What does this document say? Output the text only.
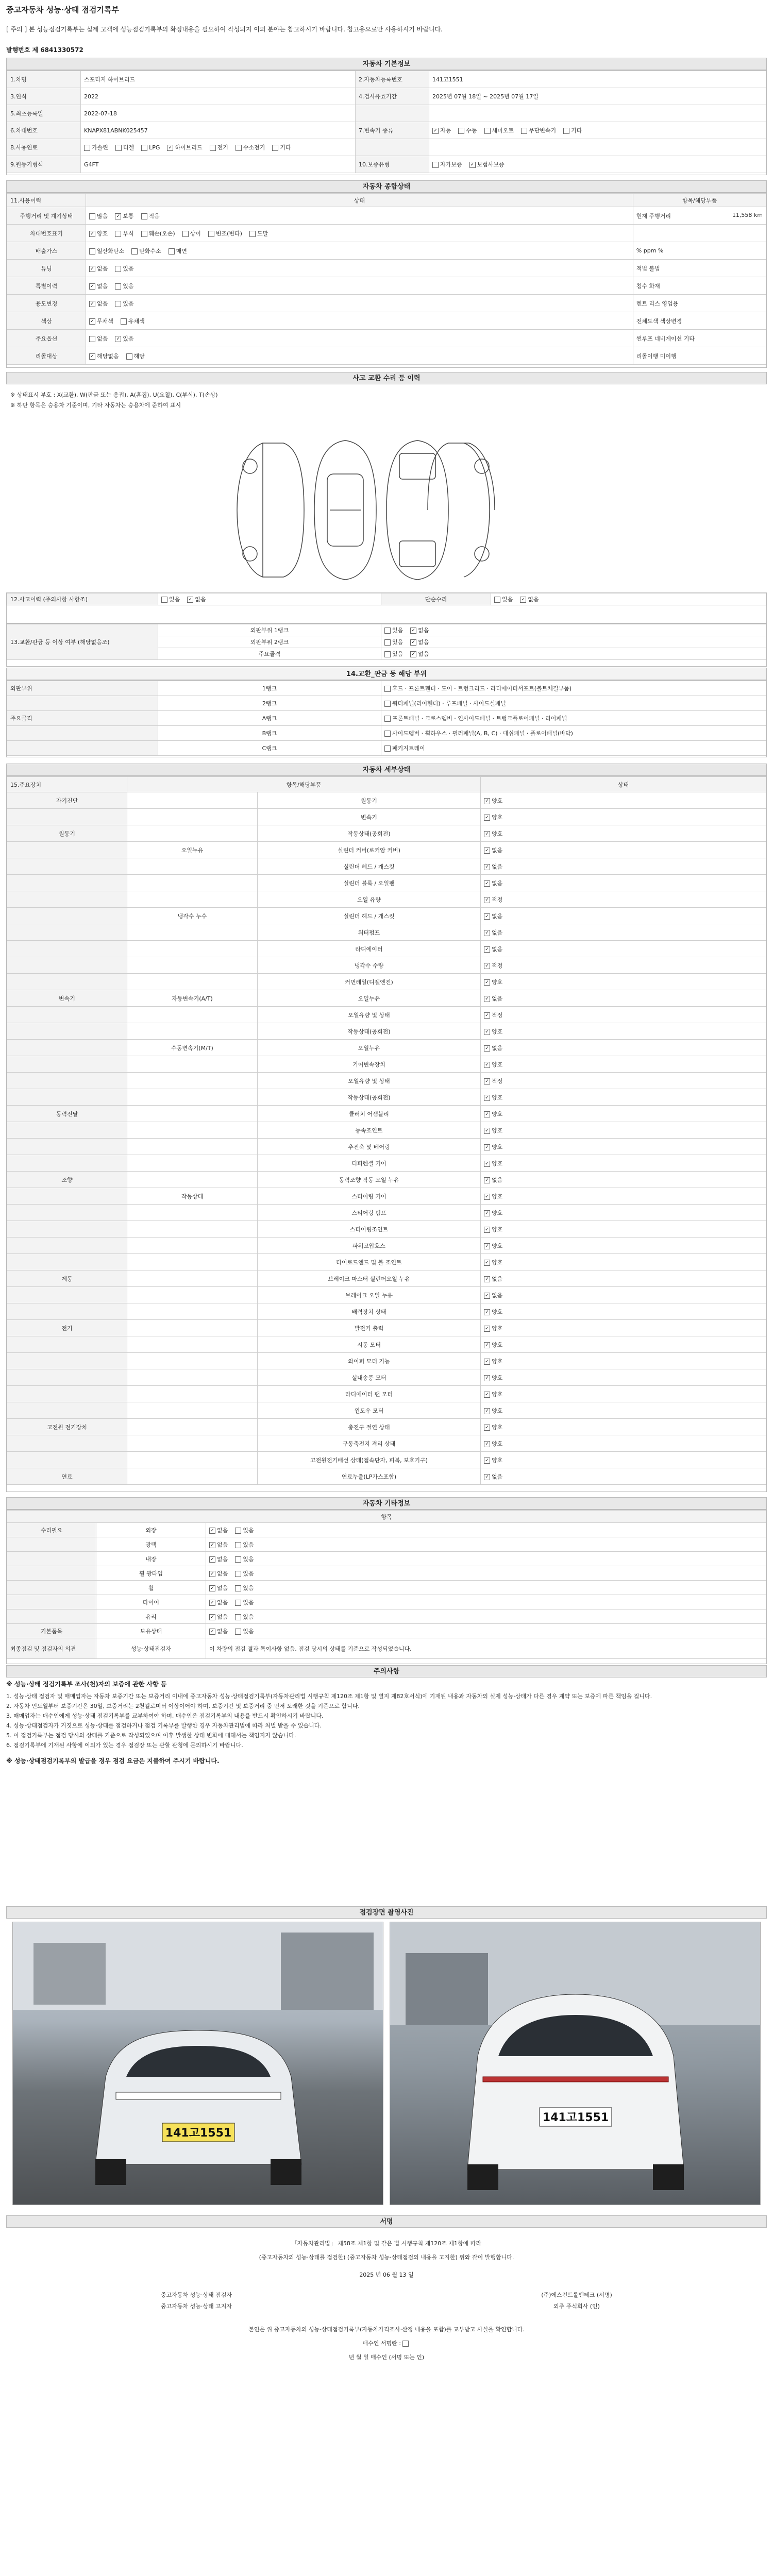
중고자동차 성능·상태 점검기록부
[ 주의 ] 본 성능점검기록부는 실제 고객에 성능점검기록부의 확정내용을 필요하여 작성되지 이외 분야는 참고하시기 바랍니다. 참고용으로만 사용하시기 바랍니다.
발행번호 제 6841330572
자동차 기본정보
1.차명	스포티지 하이브리드	2.자동차등록번호	141고1551
3.연식	2022	4.검사유효기간	2025년 07월 18일 ~ 2025년 07월 17일
5.최초등록일	2022-07-18		
6.차대번호	KNAPX81ABNK025457	7.변속기 종류	✓자동 수동 세미오토 무단변속기 기타
8.사용연료	가솔린 디젤 LPG ✓ 하이브리드 전기 수소전기 기타		
9.원동기형식	G4FT	10.보증유형	자가보증 ✓ 보험사보증
자동차 종합상태
11.사용이력	상태	항목/해당부품
주행거리 및 계기상태	많음 ✓ 보통 적음	현재 주행거리 11,558 km

차대번호표기	✓양호 부식 훼손(오손) 상이 변조(변타) 도말	

배출가스	일산화탄소 탄화수소 매연	% ppm %

튜닝	✓없음 있음	적법 불법

특별이력	✓없음 있음	침수 화재

용도변경	✓없음 있음	렌트 리스 영업용

색상	✓무채색 유채색	전체도색 색상변경

주요옵션	없음 ✓ 있음	썬루프 네비게이션 기타

리콜대상	✓해당없음 해당	리콜이행 미이행
사고 교환 수리 등 이력
※ 상태표시 부호 : X(교환), W(판금 또는 용접), A(흠집), U(요철), C(부식), T(손상)
※ 하단 항목은 승용차 기준이며, 기타 자동차는 승용차에 준하여 표시
12.사고이력 (주의사항 사항조)	있음 ✓	없음	단순수리	있음 ✓	없음
13.교환/판금 등 이상 여부 (해당없음조)	외판부위 1랭크	있음 ✓ 없음
	외판부위 2랭크	있음 ✓ 없음
	주요골격	있음 ✓ 없음
14.교환_판금 등 해당 부위
외판부위	1랭크	후드 · 프론트휀더 · 도어 · 트렁크리드 · 라디에이터서포트(볼트체결부품)
	2랭크	쿼터패널(리어휀더) · 루프패널 · 사이드실패널
주요골격	A랭크	프론트패널 · 크로스멤버 · 인사이드패널 · 트렁크플로어패널 · 리어패널
	B랭크	사이드멤버 · 휠하우스 · 필러패널(A, B, C) · 대쉬패널 · 플로어패널(바닥)
	C랭크	패키지트레이
자동차 세부상태
15.주요장치	항목/해당부품		상태
자기진단		원동기	✓양호
		변속기	✓양호
원동기		작동상태(공회전)	✓양호
	오일누유	실린더 커버(로커암 커버)	✓없음
		실린더 헤드 / 개스킷	✓없음
		실린더 블록 / 오일팬	✓없음
		오일 유량	✓적정
	냉각수 누수	실린더 헤드 / 개스킷	✓없음
		워터펌프	✓없음
		라디에이터	✓없음
		냉각수 수량	✓적정
		커먼레일(디젤엔진)	✓양호
변속기	자동변속기(A/T)	오일누유	✓없음
		오일유량 및 상태	✓적정
		작동상태(공회전)	✓양호
	수동변속기(M/T)	오일누유	✓없음
		기어변속장치	✓양호
		오일유량 및 상태	✓적정
		작동상태(공회전)	✓양호
동력전달		클러치 어셈블리	✓양호
		등속조인트	✓양호
		추진축 및 베어링	✓양호
		디퍼렌셜 기어	✓양호
조향		동력조향 작동 오일 누유	✓없음
	작동상태	스티어링 기어	✓양호
		스티어링 펌프	✓양호
		스티어링조인트	✓양호
		파워고압호스	✓양호
		타이로드엔드 및 볼 조인트	✓양호
제동		브레이크 마스터 실린더오일 누유	✓없음
		브레이크 오일 누유	✓없음
		배력장치 상태	✓양호
전기		발전기 출력	✓양호
		시동 모터	✓양호
		와이퍼 모터 기능	✓양호
		실내송풍 모터	✓양호
		라디에이터 팬 모터	✓양호
		윈도우 모터	✓양호
고전원 전기장치		충전구 절연 상태	✓양호
		구동축전지 격리 상태	✓양호
		고전원전기배선 상태(접속단자, 피복, 보호기구)	✓양호
연료		연료누출(LP가스포함)	✓없음
자동차 기타정보
항목		
수리필요	외장	✓없음 있음
	광택	✓없음 있음
	내장	✓없음 있음
	휠 광타입	✓없음 있음
	휠	✓없음 있음
	타이어	✓없음 있음
	유리	✓없음 있음
기본품목	보유상태	✓없음 있음
최종점검 및 점검자의 의견	성능·상태점검자	이 차량의 점검 결과 특이사항 없음. 점검 당시의 상태를 기준으로 작성되었습니다.
주의사항

※ 성능·상태 점검기록부 조사(천)자의 보증에 관한 사항 등

1. 성능·상태 점검자 및 매매업자는 자동차 보증기간 또는 보증거리 이내에 중고자동차 성능·상태점검기록부(자동차관리법 시행규칙 제120조 제1항 및 별지 제82호서식)에 기재된 내용과 자동차의 실제 성능·상태가 다른 경우 계약 또는 보증에 따른 책임을 집니다.

2. 자동차 인도일부터 보증기간은 30일, 보증거리는 2천킬로미터 이상이어야 하며, 보증기간 및 보증거리 중 먼저 도래한 것을 기준으로 합니다.

3. 매매업자는 매수인에게 성능·상태 점검기록부를 교부하여야 하며, 매수인은 점검기록부의 내용을 반드시 확인하시기 바랍니다.

4. 성능·상태점검자가 거짓으로 성능·상태를 점검하거나 점검 기록부를 발행한 경우 자동차관리법에 따라 처벌 받을 수 있습니다.

5. 이 점검기록부는 점검 당시의 상태를 기준으로 작성되었으며 이후 발생한 상태 변화에 대해서는 책임지지 않습니다.

6. 점검기록부에 기재된 사항에 이의가 있는 경우 점검장 또는 관할 관청에 문의하시기 바랍니다.

※ 성능·상태점검기록부의 발급을 경우 점검 요금은 지불하여 주시기 바랍니다.

점검장면 촬영사진
141고1551
141고1551
서명

「자동차관리법」 제58조 제1항 및 같은 법 시행규칙 제120조 제1항에 따라

(중고자동차의 성능·상태를 점검한) (중고자동차 성능·상태점검의 내용을 고지한) 위와 같이 발행합니다.

2025 년 06 월 13 일

중고자동차 성능·상태 점검자	(주)에스컨트롤엔테크 (서명)
중고자동차 성능·상태 고지자	외주 주식회사 (인)

본인은 위 중고자동차의 성능·상태점검기록부(자동차가격조사·산정 내용을 포함)를 교부받고 사실을 확인합니다.

매수인 서명란 :

년 월 일 매수인 (서명 또는 인)
